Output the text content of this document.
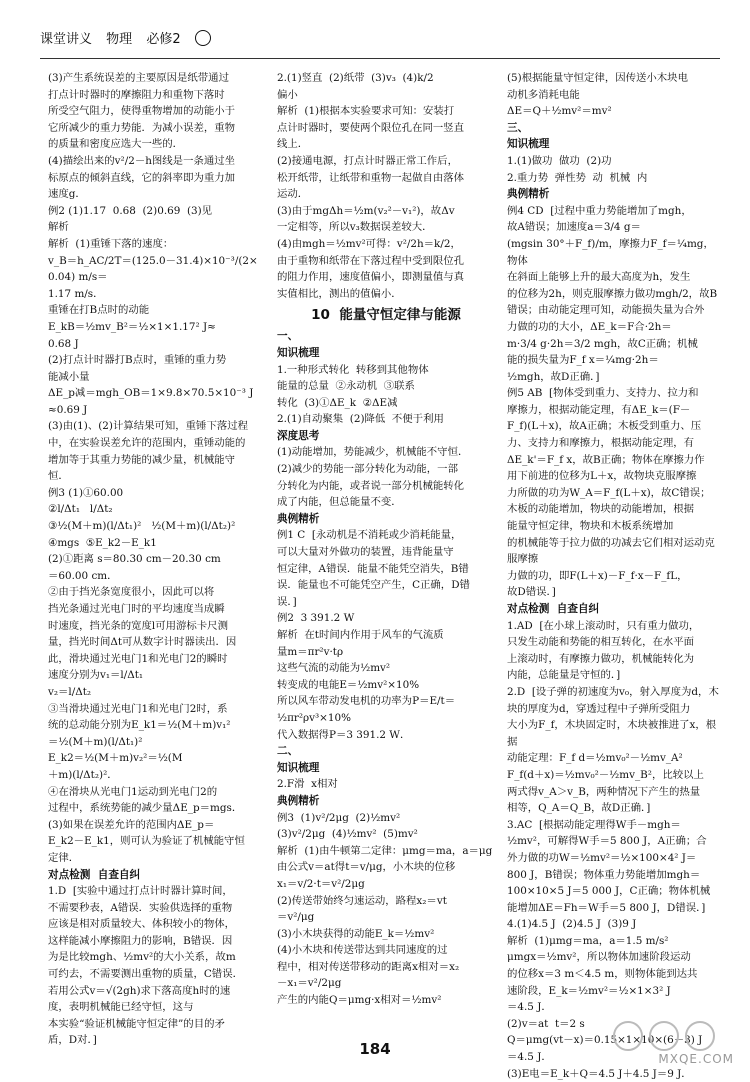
课堂讲义 物理 必修2

(3)产生系统误差的主要原因是纸带通过

打点计时器时的摩擦阻力和重物下落时

所受空气阻力，使得重物增加的动能小于

它所减少的重力势能．为减小误差，重物

的质量和密度应选大一些的．

(4)描绘出来的v²/2－h图线是一条通过坐

标原点的倾斜直线，它的斜率即为重力加

速度g．

例2 (1)1.17  0.68  (2)0.69  (3)见

解析

解析  (1)重锤下落的速度：

v_B＝h_AC/2T＝(125.0－31.4)×10⁻³/(2×0.04) m/s＝

1.17 m/s．

重锤在打B点时的动能

E_kB＝½mv_B²＝½×1×1.17² J≈

0.68 J

(2)打点计时器打B点时，重锤的重力势

能减小量

ΔE_p减＝mgh_OB＝1×9.8×70.5×10⁻³ J

≈0.69 J

(3)由(1)、(2)计算结果可知，重锤下落过程

中，在实验误差允许的范围内，重锤动能的

增加等于其重力势能的减少量，机械能守

恒．

例3 (1)①60.00

②l/Δt₁   l/Δt₂

③½(M＋m)(l/Δt₁)²   ½(M＋m)(l/Δt₂)²

④mgs  ⑤E_k2－E_k1

(2)①距离 s＝80.30 cm－20.30 cm

＝60.00 cm．

②由于挡光条宽度很小，因此可以将

挡光条通过光电门时的平均速度当成瞬

时速度，挡光条的宽度l可用游标卡尺测

量，挡光时间Δt可从数字计时器读出．因

此，滑块通过光电门1和光电门2的瞬时

速度分别为v₁＝l/Δt₁

v₂＝l/Δt₂

③当滑块通过光电门1和光电门2时，系

统的总动能分别为E_k1＝½(M＋m)v₁²

＝½(M＋m)(l/Δt₁)²

E_k2＝½(M＋m)v₂²＝½(M

＋m)(l/Δt₂)²．

④在滑块从光电门1运动到光电门2的

过程中，系统势能的减少量ΔE_p＝mgs．

(3)如果在误差允许的范围内ΔE_p＝

E_k2－E_k1，则可认为验证了机械能守恒

定律．

对点检测  自查自纠

1.D  [实验中通过打点计时器计算时间，

不需要秒表，A错误．实验供选择的重物

应该是相对质量较大、体积较小的物体，

这样能减小摩擦阻力的影响，B错误．因

为是比较mgh、½mv²的大小关系，故m

可约去，不需要测出重物的质量，C错误．

若用公式v＝√(2gh)求下落高度h时的速

度，表明机械能已经守恒，这与

本实验“验证机械能守恒定律”的目的矛

盾，D对．]

2.(1)竖直  (2)纸带  (3)v₃  (4)k/2

偏小

解析  (1)根据本实验要求可知：安装打

点计时器时，要使两个限位孔在同一竖直

线上．

(2)接通电源，打点计时器正常工作后，

松开纸带，让纸带和重物一起做自由落体

运动．

(3)由于mgΔh＝½m(v₂²－v₁²)，故Δv

一定相等，所以v₃数据误差较大．

(4)由mgh＝½mv²可得：v²/2h＝k/2，

由于重物和纸带在下落过程中受到限位孔

的阻力作用，速度值偏小，即测量值与真

实值相比，测出的值偏小．

10  能量守恒定律与能源

一、

知识梳理

1.一种形式转化  转移到其他物体

能量的总量  ②永动机  ③联系

转化  (3)①ΔE_k  ②ΔE减

2.(1)自动聚集  (2)降低  不便于利用

深度思考

(1)动能增加，势能减少，机械能不守恒．

(2)减少的势能一部分转化为动能，一部

分转化为内能，或者说一部分机械能转化

成了内能，但总能量不变．

典例精析

例1 C  [永动机是不消耗或少消耗能量，

可以大量对外做功的装置，违背能量守

恒定律，A错误．能量不能凭空消失，B错

误．能量也不可能凭空产生，C正确，D错

误．]

例2  3 391.2 W

解析  在t时间内作用于风车的气流质

量m＝πr²v·tρ

这些气流的动能为½mv²

转变成的电能E＝½mv²×10%

所以风车带动发电机的功率为P＝E/t＝

½πr²ρv³×10%

代入数据得P＝3 391.2 W．

二、

知识梳理

2.F滑  x相对

典例精析

例3  (1)v²/2μg  (2)½mv²

(3)v²/2μg  (4)½mv²  (5)mv²

解析  (1)由牛顿第二定律：μmg＝ma，a＝μg

由公式v＝at得t＝v/μg，小木块的位移

x₁＝v/2·t＝v²/2μg

(2)传送带始终匀速运动，路程x₂＝vt

＝v²/μg

(3)小木块获得的动能E_k＝½mv²

(4)小木块和传送带达到共同速度的过

程中，相对传送带移动的距离x相对＝x₂

－x₁＝v²/2μg

产生的内能Q＝μmg·x相对＝½mv²

(5)根据能量守恒定律，因传送小木块电

动机多消耗电能

ΔE＝Q＋½mv²＝mv²

三、

知识梳理

1.(1)做功  做功  (2)功

2.重力势  弹性势  动  机械  内

典例精析

例4 CD  [过程中重力势能增加了mgh，

故A错误；加速度a＝3/4 g＝

(mgsin 30°＋F_f)/m，摩擦力F_f＝¼mg，物体

在斜面上能够上升的最大高度为h，发生

的位移为2h，则克服摩擦力做功mgh/2，故B

错误；由动能定理可知，动能损失量为合外

力做的功的大小，ΔE_k＝F合·2h＝

m·3/4 g·2h＝3/2 mgh，故C正确；机械

能的损失量为F_f x＝¼mg·2h＝

½mgh，故D正确．]

例5 AB  [物体受到重力、支持力、拉力和

摩擦力，根据动能定理，有ΔE_k＝(F－

F_f)(L＋x)，故A正确；木板受到重力、压

力、支持力和摩擦力，根据动能定理，有

ΔE_k'＝F_f x，故B正确；物体在摩擦力作

用下前进的位移为L＋x，故物块克服摩擦

力所做的功为W_A＝F_f(L＋x)，故C错误；

木板的动能增加，物块的动能增加，根据

能量守恒定律，物块和木板系统增加

的机械能等于拉力做的功减去它们相对运动克服摩擦

力做的功，即F(L＋x)－F_f·x－F_fL，

故D错误．]

对点检测  自查自纠

1.AD  [在小球上滚动时，只有重力做功，

只发生动能和势能的相互转化，在水平面

上滚动时，有摩擦力做功，机械能转化为

内能，总能量是守恒的．]

2.D  [设子弹的初速度为v₀，射入厚度为d，木

块的厚度为d，穿透过程中子弹所受阻力

大小为F_f，木块固定时，木块被推进了x，根据

动能定理：F_f d＝½mv₀²－½mv_A²

F_f(d＋x)＝½mv₀²－½mv_B²，比较以上

两式得v_A＞v_B，两种情况下产生的热量

相等，Q_A＝Q_B，故D正确．]

3.AC  [根据动能定理得W手－mgh＝

½mv²，可解得W手＝5 800 J，A正确；合

外力做的功W＝½mv²＝½×100×4² J＝

800 J，B错误；物体重力势能增加mgh＝

100×10×5 J＝5 000 J，C正确；物体机械

能增加ΔE＝Fh＝W手＝5 800 J，D错误．]

4.(1)4.5 J  (2)4.5 J  (3)9 J

解析  (1)μmg＝ma，a＝1.5 m/s²

μmgx＝½mv²，所以物体加速阶段运动

的位移x＝3 m＜4.5 m，则物体能到达共

速阶段，E_k＝½mv²＝½×1×3² J

＝4.5 J．

(2)v＝at  t＝2 s

Q＝μmg(vt－x)＝0.15×1×10×(6－3) J

＝4.5 J．

(3)E电＝E_k＋Q＝4.5 J＋4.5 J＝9 J．

184
MXQE.COM
